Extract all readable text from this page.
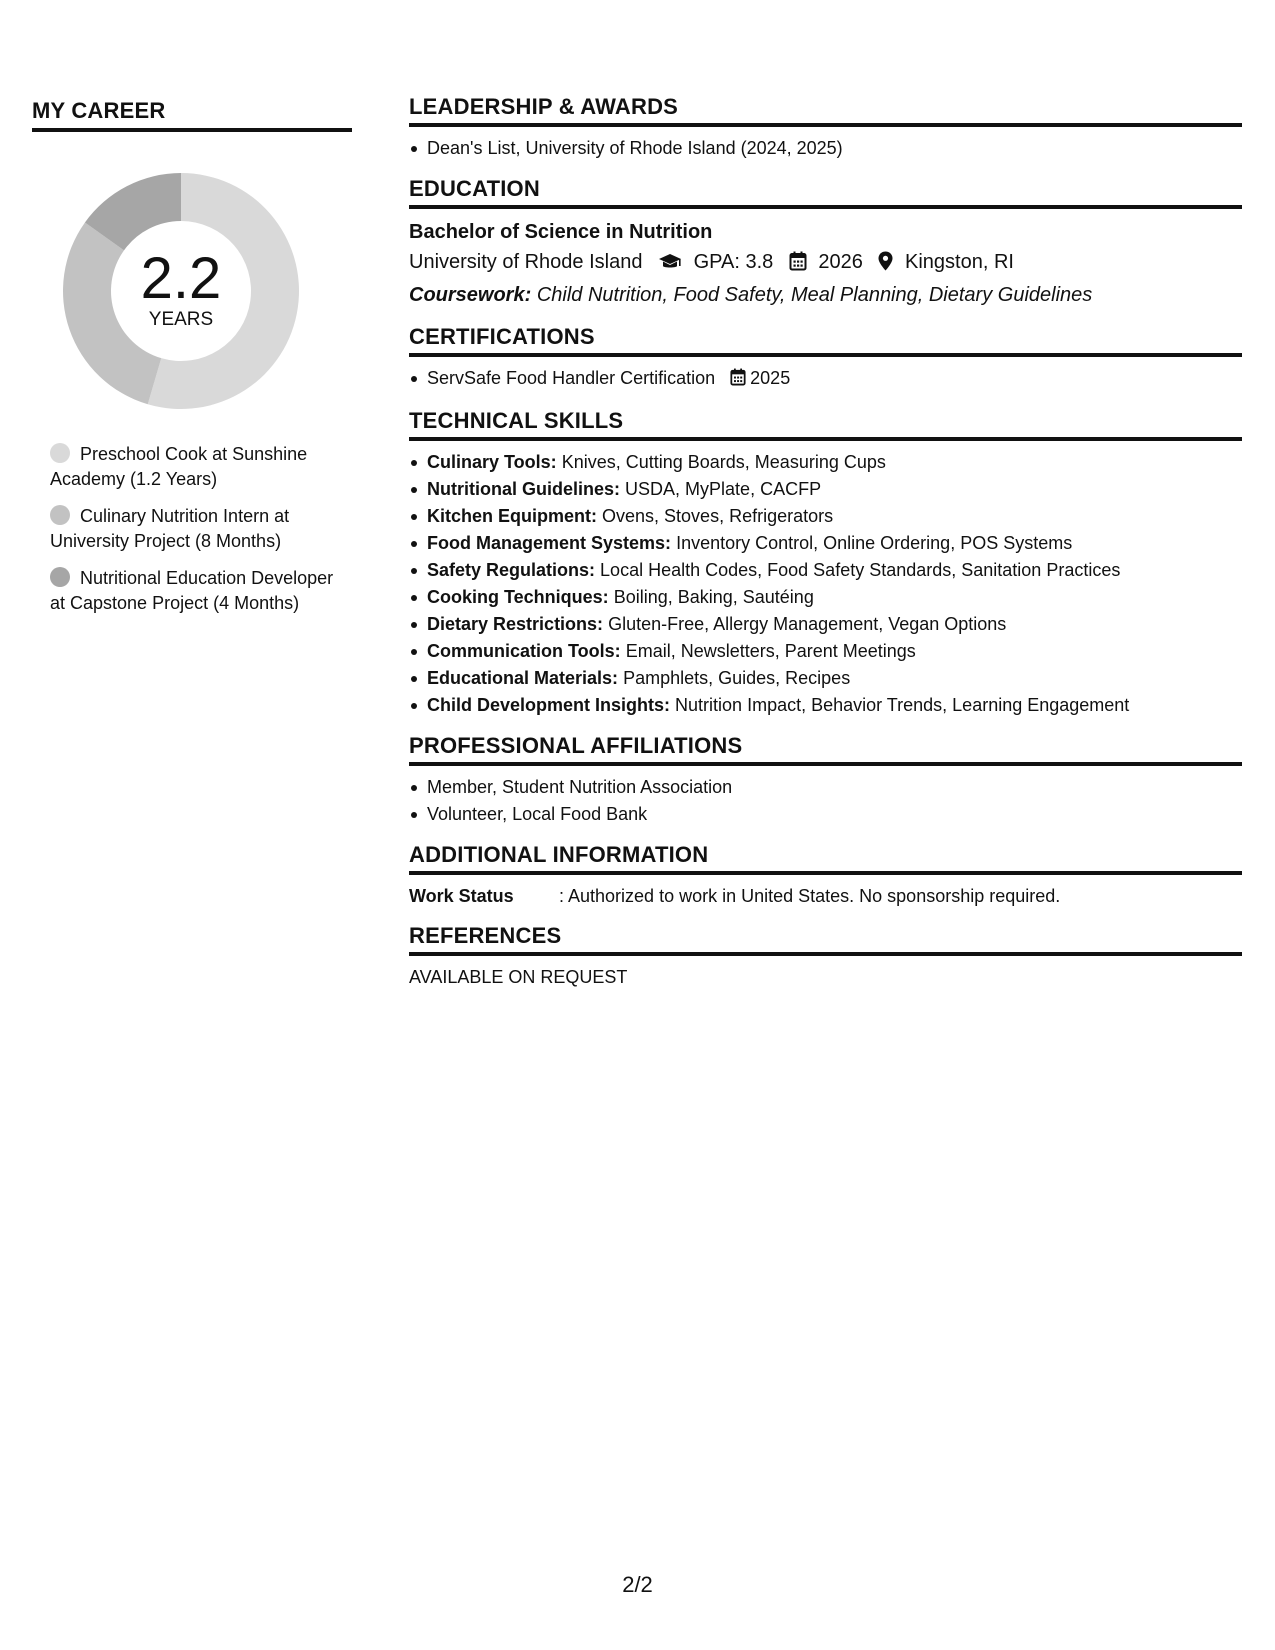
MY CAREER
2.2
YEARS
Preschool Cook at Sunshine Academy (1.2 Years)
Culinary Nutrition Intern at University Project (8 Months)
Nutritional Education Developer at Capstone Project (4 Months)
LEADERSHIP & AWARDS
Dean's List, University of Rhode Island (2024, 2025)
EDUCATION
Bachelor of Science in Nutrition
University of Rhode Island	GPA: 3.8 2026 Kingston, RI
Coursework: Child Nutrition, Food Safety, Meal Planning, Dietary Guidelines
CERTIFICATIONS
ServSafe Food Handler Certification 2025
TECHNICAL SKILLS
Culinary Tools: Knives, Cutting Boards, Measuring Cups
Nutritional Guidelines: USDA, MyPlate, CACFP
Kitchen Equipment: Ovens, Stoves, Refrigerators
Food Management Systems: Inventory Control, Online Ordering, POS Systems
Safety Regulations: Local Health Codes, Food Safety Standards, Sanitation Practices
Cooking Techniques: Boiling, Baking, Sautéing
Dietary Restrictions: Gluten-Free, Allergy Management, Vegan Options
Communication Tools: Email, Newsletters, Parent Meetings
Educational Materials: Pamphlets, Guides, Recipes
Child Development Insights: Nutrition Impact, Behavior Trends, Learning Engagement
PROFESSIONAL AFFILIATIONS
Member, Student Nutrition Association
Volunteer, Local Food Bank
ADDITIONAL INFORMATION
Work Status	: Authorized to work in United States. No sponsorship required.
REFERENCES
AVAILABLE ON REQUEST
2/2
